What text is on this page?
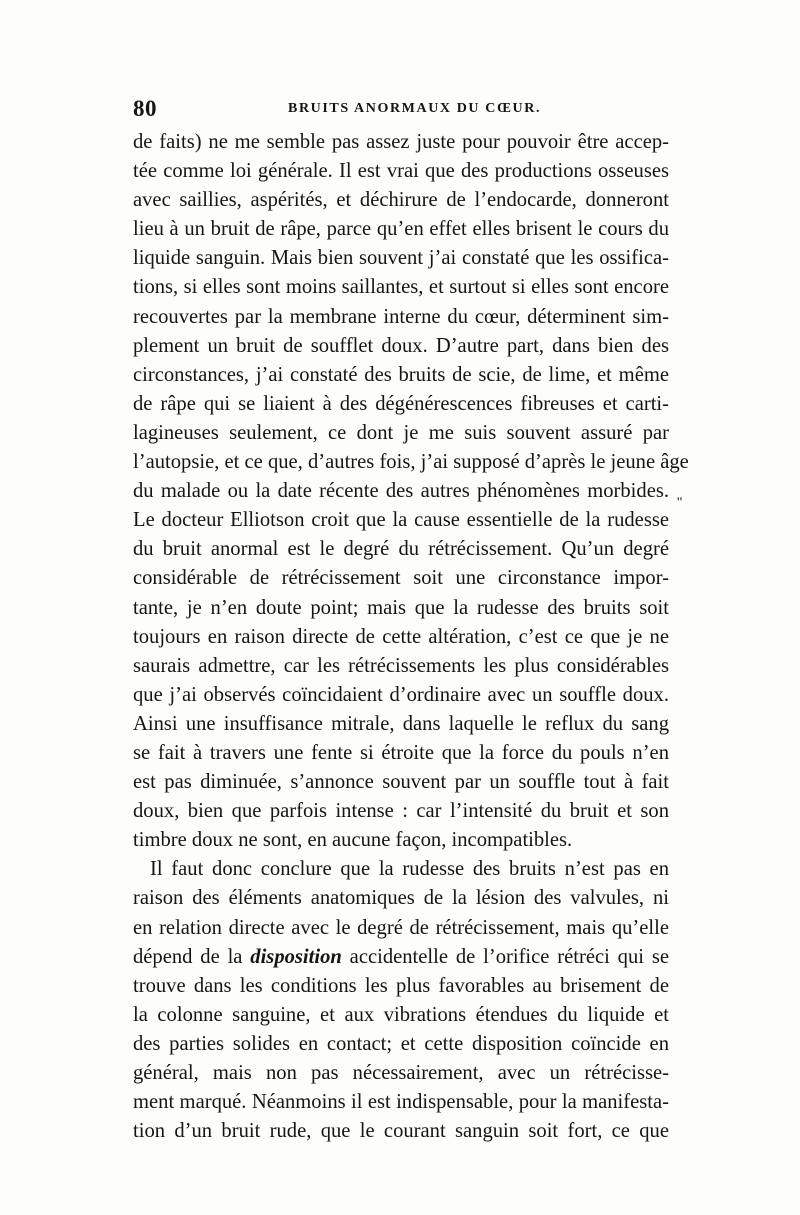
80	BRUITS ANORMAUX DU CŒUR.
de faits) ne me semble pas assez juste pour pouvoir être accep-
tée comme loi générale. Il est vrai que des productions osseuses
avec saillies, aspérités, et déchirure de l’endocarde, donneront
lieu à un bruit de râpe, parce qu’en effet elles brisent le cours du
liquide sanguin. Mais bien souvent j’ai constaté que les ossifica-
tions, si elles sont moins saillantes, et surtout si elles sont encore
recouvertes par la membrane interne du cœur, déterminent sim-
plement un bruit de soufflet doux. D’autre part, dans bien des
circonstances, j’ai constaté des bruits de scie, de lime, et même
de râpe qui se liaient à des dégénérescences fibreuses et carti-
lagineuses seulement, ce dont je me suis souvent assuré par
l’autopsie, et ce que, d’autres fois, j’ai supposé d’après le jeune âge
du malade ou la date récente des autres phénomènes morbides.
Le docteur Elliotson croit que la cause essentielle de la rudesse
du bruit anormal est le degré du rétrécissement. Qu’un degré
considérable de rétrécissement soit une circonstance impor-
tante, je n’en doute point; mais que la rudesse des bruits soit
toujours en raison directe de cette altération, c’est ce que je ne
saurais admettre, car les rétrécissements les plus considérables
que j’ai observés coïncidaient d’ordinaire avec un souffle doux.
Ainsi une insuffisance mitrale, dans laquelle le reflux du sang
se fait à travers une fente si étroite que la force du pouls n’en
est pas diminuée, s’annonce souvent par un souffle tout à fait
doux, bien que parfois intense : car l’intensité du bruit et son
timbre doux ne sont, en aucune façon, incompatibles.
Il faut donc conclure que la rudesse des bruits n’est pas en
raison des éléments anatomiques de la lésion des valvules, ni
en relation directe avec le degré de rétrécissement, mais qu’elle
dépend de la disposition accidentelle de l’orifice rétréci qui se
trouve dans les conditions les plus favorables au brisement de
la colonne sanguine, et aux vibrations étendues du liquide et
des parties solides en contact; et cette disposition coïncide en
général, mais non pas nécessairement, avec un rétrécisse-
ment marqué. Néanmoins il est indispensable, pour la manifesta-
tion d’un bruit rude, que le courant sanguin soit fort, ce que
"
